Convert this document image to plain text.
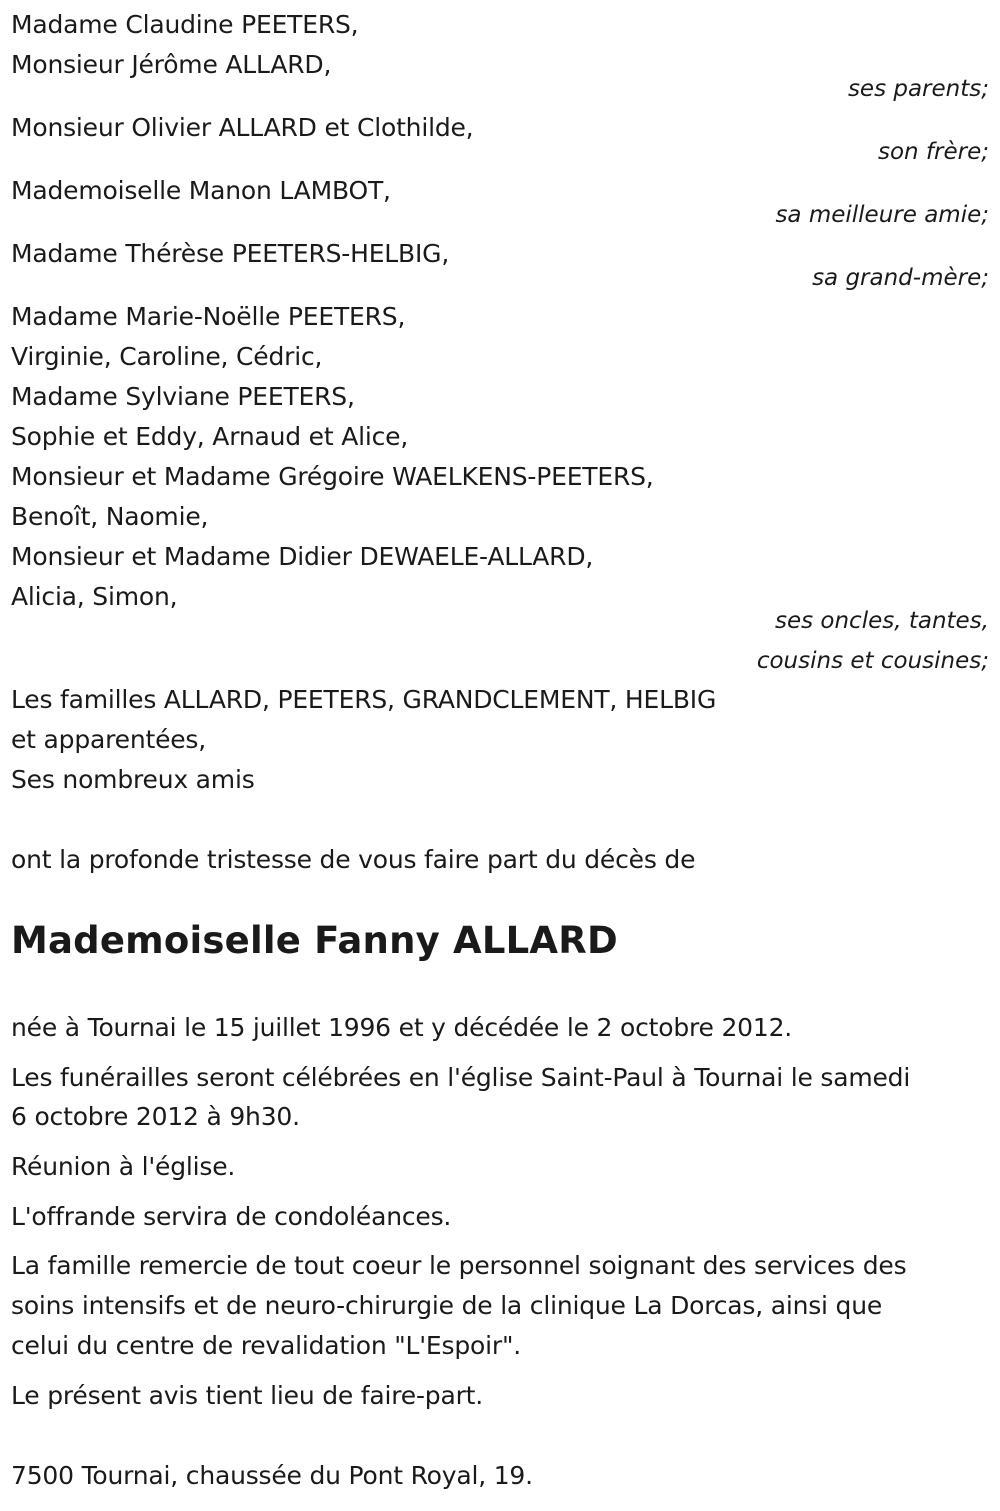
Madame Claudine PEETERS,
Monsieur Jérôme ALLARD,
ses parents;
Monsieur Olivier ALLARD et Clothilde,
son frère;
Mademoiselle Manon LAMBOT,
sa meilleure amie;
Madame Thérèse PEETERS-HELBIG,
sa grand-mère;
Madame Marie-Noëlle PEETERS,
Virginie, Caroline, Cédric,
Madame Sylviane PEETERS,
Sophie et Eddy, Arnaud et Alice,
Monsieur et Madame Grégoire WAELKENS-PEETERS,
Benoît, Naomie,
Monsieur et Madame Didier DEWAELE-ALLARD,
Alicia, Simon,
ses oncles, tantes,
cousins et cousines;
Les familles ALLARD, PEETERS, GRANDCLEMENT, HELBIG
et apparentées,
Ses nombreux amis
ont la profonde tristesse de vous faire part du décès de
Mademoiselle Fanny ALLARD
née à Tournai le 15 juillet 1996 et y décédée le 2 octobre 2012.
Les funérailles seront célébrées en l'église Saint-Paul à Tournai le samedi
6 octobre 2012 à 9h30.
Réunion à l'église.
L'offrande servira de condoléances.
La famille remercie de tout coeur le personnel soignant des services des
soins intensifs et de neuro-chirurgie de la clinique La Dorcas, ainsi que
celui du centre de revalidation "L'Espoir".
Le présent avis tient lieu de faire-part.
7500 Tournai, chaussée du Pont Royal, 19.
